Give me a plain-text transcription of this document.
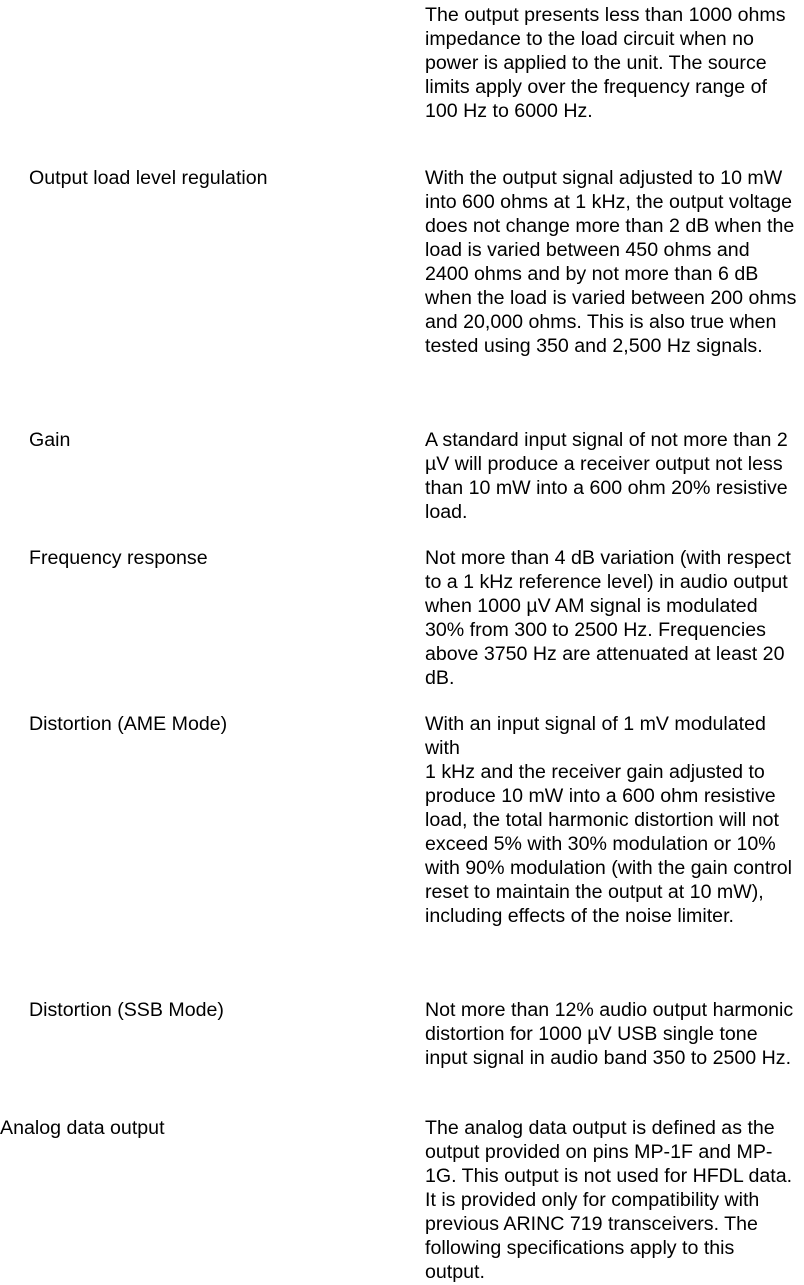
The output presents less than 1000 ohms impedance to the load circuit when no power is applied to the unit. The source limits apply over the frequency range of 100 Hz to 6000 Hz.

Output load level regulation	With the output signal adjusted to 10 mW into 600 ohms at 1 kHz, the output voltage does not change more than 2 dB when the load is varied between 450 ohms and 2400 ohms and by not more than 6 dB when the load is varied between 200 ohms and 20,000 ohms. This is also true when tested using 350 and 2,500 Hz signals.

Gain	A standard input signal of not more than 2 µV will produce a receiver output not less than 10 mW into a 600 ohm 20% resistive load.

Frequency response	Not more than 4 dB variation (with respect to a 1 kHz reference level) in audio output when 1000 µV AM signal is modulated 30% from 300 to 2500 Hz. Frequencies above 3750 Hz are attenuated at least 20 dB.

Distortion (AME Mode)	With an input signal of 1 mV modulated with
1 kHz and the receiver gain adjusted to produce 10 mW into a 600 ohm resistive load, the total harmonic distortion will not exceed 5% with 30% modulation or 10% with 90% modulation (with the gain control reset to maintain the output at 10 mW), including effects of the noise limiter.

Distortion (SSB Mode)	Not more than 12% audio output harmonic distortion for 1000 µV USB single tone input signal in audio band 350 to 2500 Hz.

Analog data output	The analog data output is defined as the output provided on pins MP-1F and MP-1G. This output is not used for HFDL data. It is provided only for compatibility with previous ARINC 719 transceivers. The following specifications apply to this output.
